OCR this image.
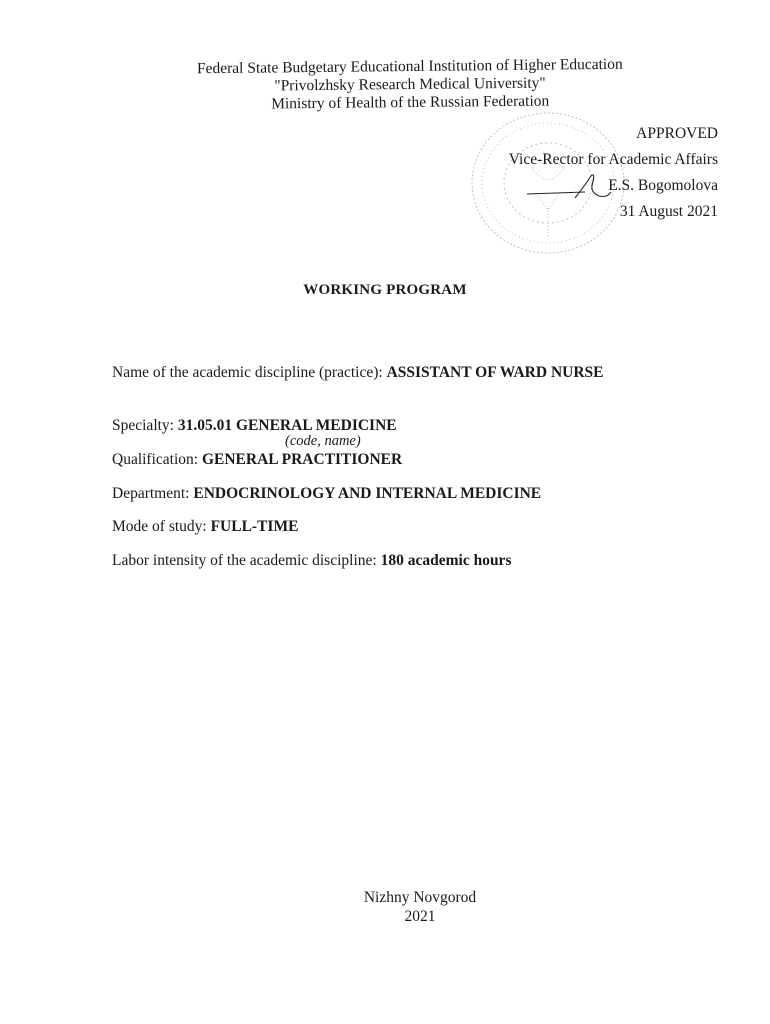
Federal State Budgetary Educational Institution of Higher Education
"Privolzhsky Research Medical University"
Ministry of Health of the Russian Federation
APPROVED
Vice-Rector for Academic Affairs
E.S. Bogomolova
31 August 2021
WORKING PROGRAM
Name of the academic discipline (practice): ASSISTANT OF WARD NURSE
Specialty: 31.05.01 GENERAL MEDICINE
(code, name)
Qualification: GENERAL PRACTITIONER
Department: ENDOCRINOLOGY AND INTERNAL MEDICINE
Mode of study: FULL-TIME
Labor intensity of the academic discipline: 180 academic hours
Nizhny Novgorod
2021
